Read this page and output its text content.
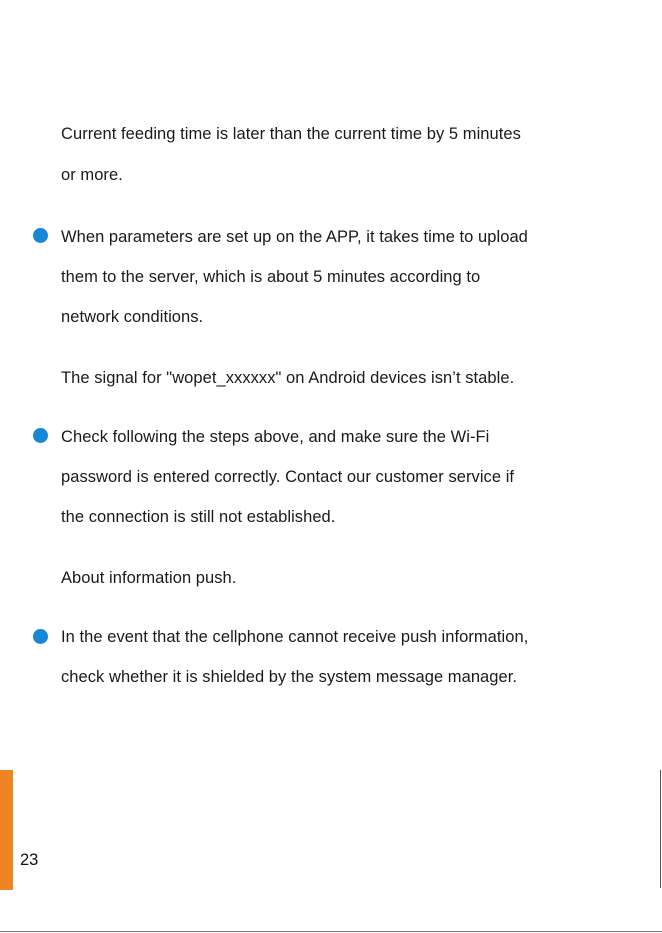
Current feeding time is later than the current time by 5 minutes
or more.
When parameters are set up on the APP, it takes time to upload
them to the server, which is about 5 minutes according to
network conditions.
The signal for "wopet_xxxxxx" on Android devices isn’t stable.
Check following the steps above, and make sure the Wi-Fi
password is entered correctly. Contact our customer service if
the connection is still not established.
About information push.
In the event that the cellphone cannot receive push information,
check whether it is shielded by the system message manager.
23
